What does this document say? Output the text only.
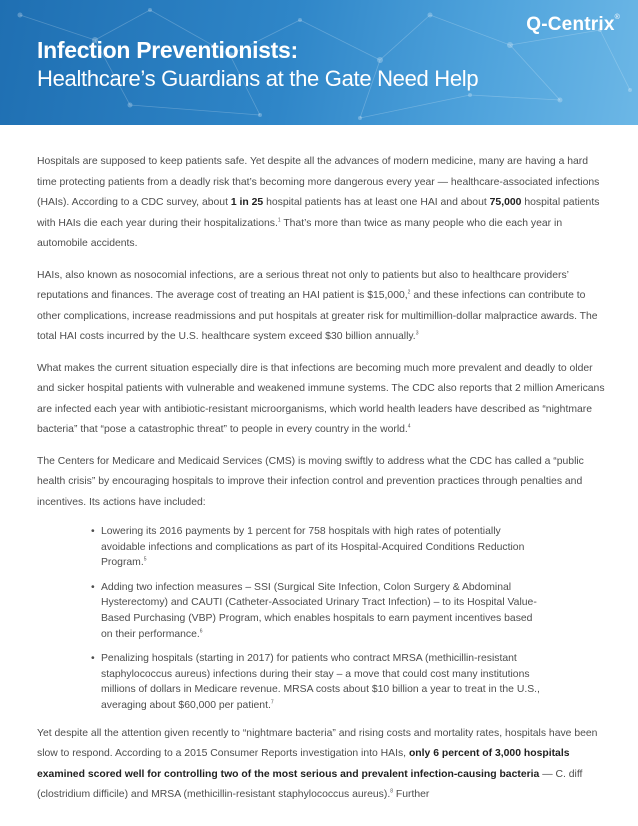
Q-Centrix®
Infection Preventionists:
Healthcare’s Guardians at the Gate Need Help

Hospitals are supposed to keep patients safe. Yet despite all the advances of modern medicine, many are having a hard time protecting patients from a deadly risk that’s becoming more dangerous every year — healthcare-associated infections (HAIs). According to a CDC survey, about 1 in 25 hospital patients has at least one HAI and about 75,000 hospital patients with HAIs die each year during their hospitalizations.$^1$ That’s more than twice as many people who die each year in automobile accidents.

HAIs, also known as nosocomial infections, are a serious threat not only to patients but also to healthcare providers’ reputations and finances. The average cost of treating an HAI patient is $15,000,$^2$ and these infections can contribute to other complications, increase readmissions and put hospitals at greater risk for multimillion-dollar malpractice awards. The total HAI costs incurred by the U.S. healthcare system exceed $30 billion annually.$^3$

What makes the current situation especially dire is that infections are becoming much more prevalent and deadly to older and sicker hospital patients with vulnerable and weakened immune systems. The CDC also reports that 2 million Americans are infected each year with antibiotic-resistant microorganisms, which world health leaders have described as “nightmare bacteria” that “pose a catastrophic threat” to people in every country in the world.$^4$

The Centers for Medicare and Medicaid Services (CMS) is moving swiftly to address what the CDC has called a “public health crisis” by encouraging hospitals to improve their infection control and prevention practices through penalties and incentives. Its actions have included:

• Lowering its 2016 payments by 1 percent for 758 hospitals with high rates of potentially avoidable infections and complications as part of its Hospital-Acquired Conditions Reduction Program.$^5$
• Adding two infection measures – SSI (Surgical Site Infection, Colon Surgery & Abdominal Hysterectomy) and CAUTI (Catheter-Associated Urinary Tract Infection) – to its Hospital Value-Based Purchasing (VBP) Program, which enables hospitals to earn payment incentives based on their performance.$^6$
• Penalizing hospitals (starting in 2017) for patients who contract MRSA (methicillin-resistant staphylococcus aureus) infections during their stay – a move that could cost many institutions millions of dollars in Medicare revenue. MRSA costs about $10 billion a year to treat in the U.S., averaging about $60,000 per patient.$^7$

Yet despite all the attention given recently to “nightmare bacteria” and rising costs and mortality rates, hospitals have been slow to respond. According to a 2015 Consumer Reports investigation into HAIs, only 6 percent of 3,000 hospitals examined scored well for controlling two of the most serious and prevalent infection-causing bacteria — C. diff (clostridium difficile) and MRSA (methicillin-resistant staphylococcus aureus).$^8$ Further
